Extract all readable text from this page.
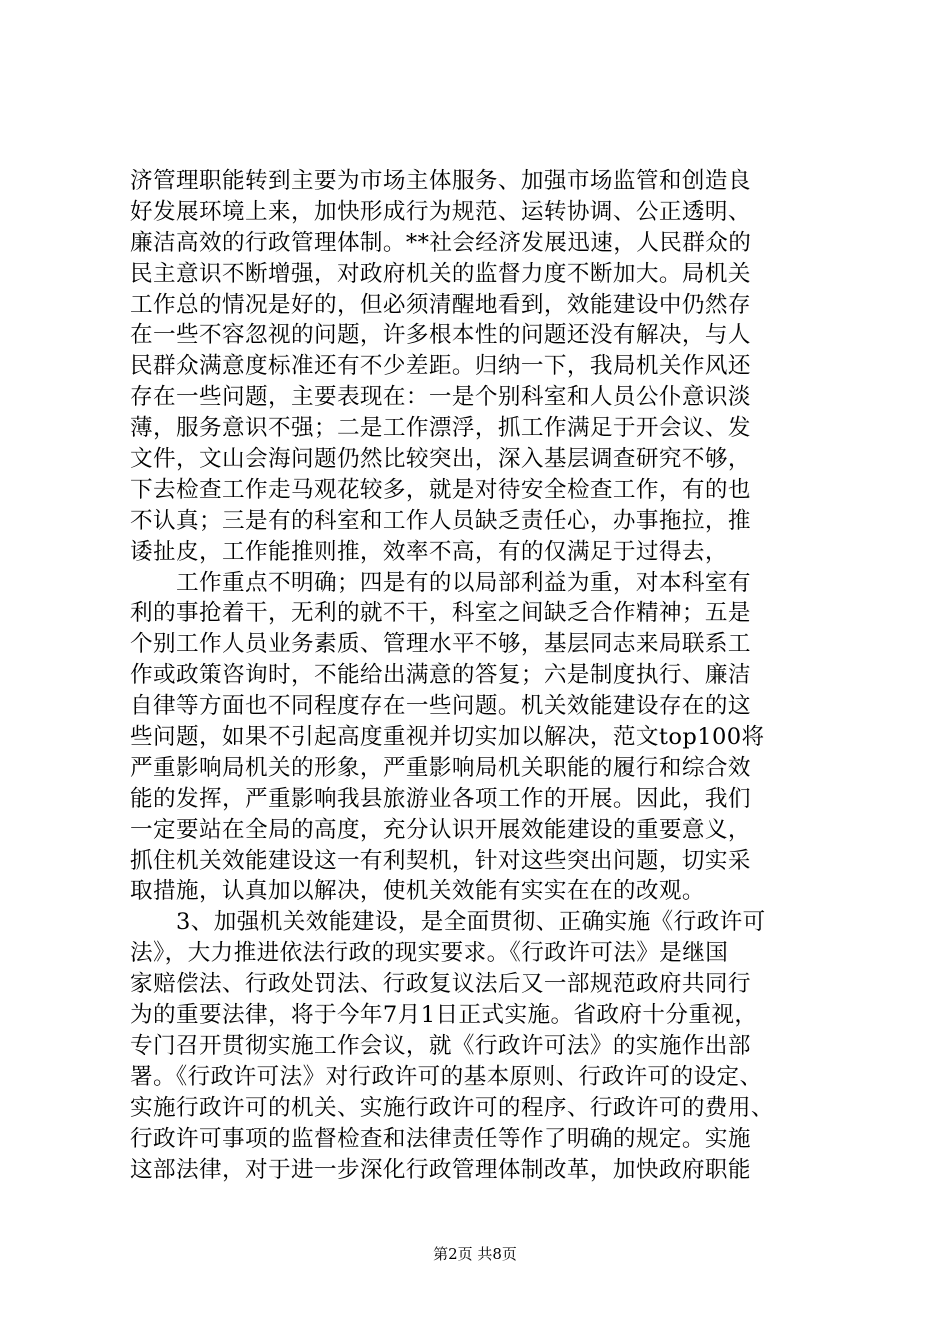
济管理职能转到主要为市场主体服务、加强市场监管和创造良
好发展环境上来，加快形成行为规范、运转协调、公正透明、
廉洁高效的行政管理体制。**社会经济发展迅速，人民群众的
民主意识不断增强，对政府机关的监督力度不断加大。局机关
工作总的情况是好的，但必须清醒地看到，效能建设中仍然存
在一些不容忽视的问题，许多根本性的问题还没有解决，与人
民群众满意度标准还有不少差距。归纳一下，我局机关作风还
存在一些问题，主要表现在：一是个别科室和人员公仆意识淡
薄，服务意识不强；二是工作漂浮，抓工作满足于开会议、发
文件，文山会海问题仍然比较突出，深入基层调查研究不够，
下去检查工作走马观花较多，就是对待安全检查工作，有的也
不认真；三是有的科室和工作人员缺乏责任心，办事拖拉，推
诿扯皮，工作能推则推，效率不高，有的仅满足于过得去，
　　工作重点不明确；四是有的以局部利益为重，对本科室有
利的事抢着干，无利的就不干，科室之间缺乏合作精神；五是
个别工作人员业务素质、管理水平不够，基层同志来局联系工
作或政策咨询时，不能给出满意的答复；六是制度执行、廉洁
自律等方面也不同程度存在一些问题。机关效能建设存在的这
些问题，如果不引起高度重视并切实加以解决，范文top100将
严重影响局机关的形象，严重影响局机关职能的履行和综合效
能的发挥，严重影响我县旅游业各项工作的开展。因此，我们
一定要站在全局的高度，充分认识开展效能建设的重要意义，
抓住机关效能建设这一有利契机，针对这些突出问题，切实采
取措施，认真加以解决，使机关效能有实实在在的改观。
　　3、加强机关效能建设，是全面贯彻、正确实施《行政许可
法》，大力推进依法行政的现实要求。《行政许可法》是继国
家赔偿法、行政处罚法、行政复议法后又一部规范政府共同行
为的重要法律，将于今年7月1日正式实施。省政府十分重视，
专门召开贯彻实施工作会议，就《行政许可法》的实施作出部
署。《行政许可法》对行政许可的基本原则、行政许可的设定、
实施行政许可的机关、实施行政许可的程序、行政许可的费用、
行政许可事项的监督检查和法律责任等作了明确的规定。实施
这部法律，对于进一步深化行政管理体制改革，加快政府职能
第2页 共8页
